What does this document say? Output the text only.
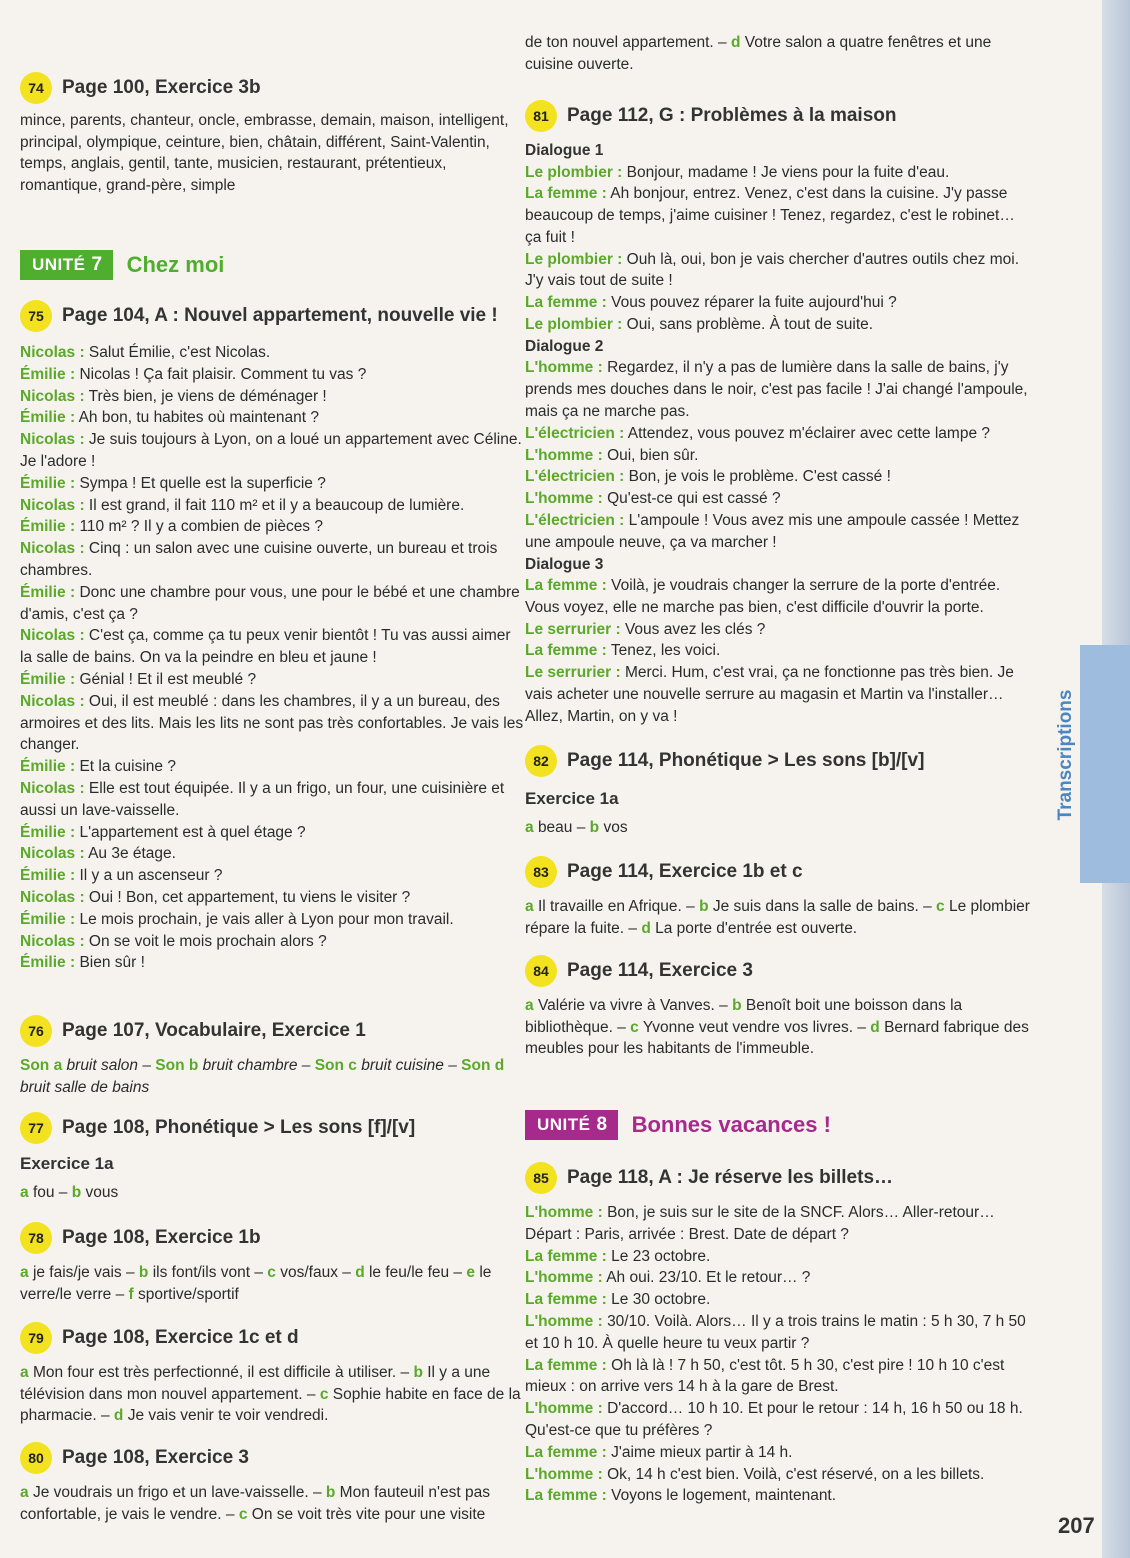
Transcriptions
74 Page 100, Exercice 3b

mince, parents, chanteur, oncle, embrasse, demain, maison, intelligent, principal, olympique, ceinture, bien, châtain, différent, Saint-Valentin, temps, anglais, gentil, tante, musicien, restaurant, prétentieux, romantique, grand-père, simple

UNITÉ 7	Chez moi
75 Page 104, A : Nouvel appartement, nouvelle vie !

Nicolas : Salut Émilie, c'est Nicolas.

Émilie : Nicolas ! Ça fait plaisir. Comment tu vas ?

Nicolas : Très bien, je viens de déménager !

Émilie : Ah bon, tu habites où maintenant ?

Nicolas : Je suis toujours à Lyon, on a loué un appartement avec Céline. Je l'adore !

Émilie : Sympa ! Et quelle est la superficie ?

Nicolas : Il est grand, il fait 110 m² et il y a beaucoup de lumière.

Émilie : 110 m² ? Il y a combien de pièces ?

Nicolas : Cinq : un salon avec une cuisine ouverte, un bureau et trois chambres.

Émilie : Donc une chambre pour vous, une pour le bébé et une chambre d'amis, c'est ça ?

Nicolas : C'est ça, comme ça tu peux venir bientôt ! Tu vas aussi aimer la salle de bains. On va la peindre en bleu et jaune !

Émilie : Génial ! Et il est meublé ?

Nicolas : Oui, il est meublé : dans les chambres, il y a un bureau, des armoires et des lits. Mais les lits ne sont pas très confortables. Je vais les changer.

Émilie : Et la cuisine ?

Nicolas : Elle est tout équipée. Il y a un frigo, un four, une cuisinière et aussi un lave-vaisselle.

Émilie : L'appartement est à quel étage ?

Nicolas : Au 3e étage.

Émilie : Il y a un ascenseur ?

Nicolas : Oui ! Bon, cet appartement, tu viens le visiter ?

Émilie : Le mois prochain, je vais aller à Lyon pour mon travail.

Nicolas : On se voit le mois prochain alors ?

Émilie : Bien sûr !

76 Page 107, Vocabulaire, Exercice 1

Son a bruit salon – Son b bruit chambre – Son c bruit cuisine – Son d bruit salle de bains

77 Page 108, Phonétique > Les sons [f]/[v]

Exercice 1a

a fou – b vous

78 Page 108, Exercice 1b

a je fais/je vais – b ils font/ils vont – c vos/faux – d le feu/le feu – e le verre/le verre – f sportive/sportif

79 Page 108, Exercice 1c et d

a Mon four est très perfectionné, il est difficile à utiliser. – b Il y a une télévision dans mon nouvel appartement. – c Sophie habite en face de la pharmacie. – d Je vais venir te voir vendredi.

80 Page 108, Exercice 3

a Je voudrais un frigo et un lave-vaisselle. – b Mon fauteuil n'est pas confortable, je vais le vendre. – c On se voit très vite pour une visite

de ton nouvel appartement. – d Votre salon a quatre fenêtres et une cuisine ouverte.

81 Page 112, G : Problèmes à la maison

Dialogue 1

Le plombier : Bonjour, madame ! Je viens pour la fuite d'eau.

La femme : Ah bonjour, entrez. Venez, c'est dans la cuisine. J'y passe beaucoup de temps, j'aime cuisiner ! Tenez, regardez, c'est le robinet… ça fuit !

Le plombier : Ouh là, oui, bon je vais chercher d'autres outils chez moi. J'y vais tout de suite !

La femme : Vous pouvez réparer la fuite aujourd'hui ?

Le plombier : Oui, sans problème. À tout de suite.

Dialogue 2

L'homme : Regardez, il n'y a pas de lumière dans la salle de bains, j'y prends mes douches dans le noir, c'est pas facile ! J'ai changé l'ampoule, mais ça ne marche pas.

L'électricien : Attendez, vous pouvez m'éclairer avec cette lampe ?

L'homme : Oui, bien sûr.

L'électricien : Bon, je vois le problème. C'est cassé !

L'homme : Qu'est-ce qui est cassé ?

L'électricien : L'ampoule ! Vous avez mis une ampoule cassée ! Mettez une ampoule neuve, ça va marcher !

Dialogue 3

La femme : Voilà, je voudrais changer la serrure de la porte d'entrée. Vous voyez, elle ne marche pas bien, c'est difficile d'ouvrir la porte.

Le serrurier : Vous avez les clés ?

La femme : Tenez, les voici.

Le serrurier : Merci. Hum, c'est vrai, ça ne fonctionne pas très bien. Je vais acheter une nouvelle serrure au magasin et Martin va l'installer… Allez, Martin, on y va !

82 Page 114, Phonétique > Les sons [b]/[v]

Exercice 1a

a beau – b vos

83 Page 114, Exercice 1b et c

a Il travaille en Afrique. – b Je suis dans la salle de bains. – c Le plombier répare la fuite. – d La porte d'entrée est ouverte.

84 Page 114, Exercice 3

a Valérie va vivre à Vanves. – b Benoît boit une boisson dans la bibliothèque. – c Yvonne veut vendre vos livres. – d Bernard fabrique des meubles pour les habitants de l'immeuble.

UNITÉ 8	Bonnes vacances !
85 Page 118, A : Je réserve les billets…

L'homme : Bon, je suis sur le site de la SNCF. Alors… Aller-retour… Départ : Paris, arrivée : Brest. Date de départ ?

La femme : Le 23 octobre.

L'homme : Ah oui. 23/10. Et le retour… ?

La femme : Le 30 octobre.

L'homme : 30/10. Voilà. Alors… Il y a trois trains le matin : 5 h 30, 7 h 50 et 10 h 10. À quelle heure tu veux partir ?

La femme : Oh là là ! 7 h 50, c'est tôt. 5 h 30, c'est pire ! 10 h 10 c'est mieux : on arrive vers 14 h à la gare de Brest.

L'homme : D'accord… 10 h 10. Et pour le retour : 14 h, 16 h 50 ou 18 h. Qu'est-ce que tu préfères ?

La femme : J'aime mieux partir à 14 h.

L'homme : Ok, 14 h c'est bien. Voilà, c'est réservé, on a les billets.

La femme : Voyons le logement, maintenant.

207
